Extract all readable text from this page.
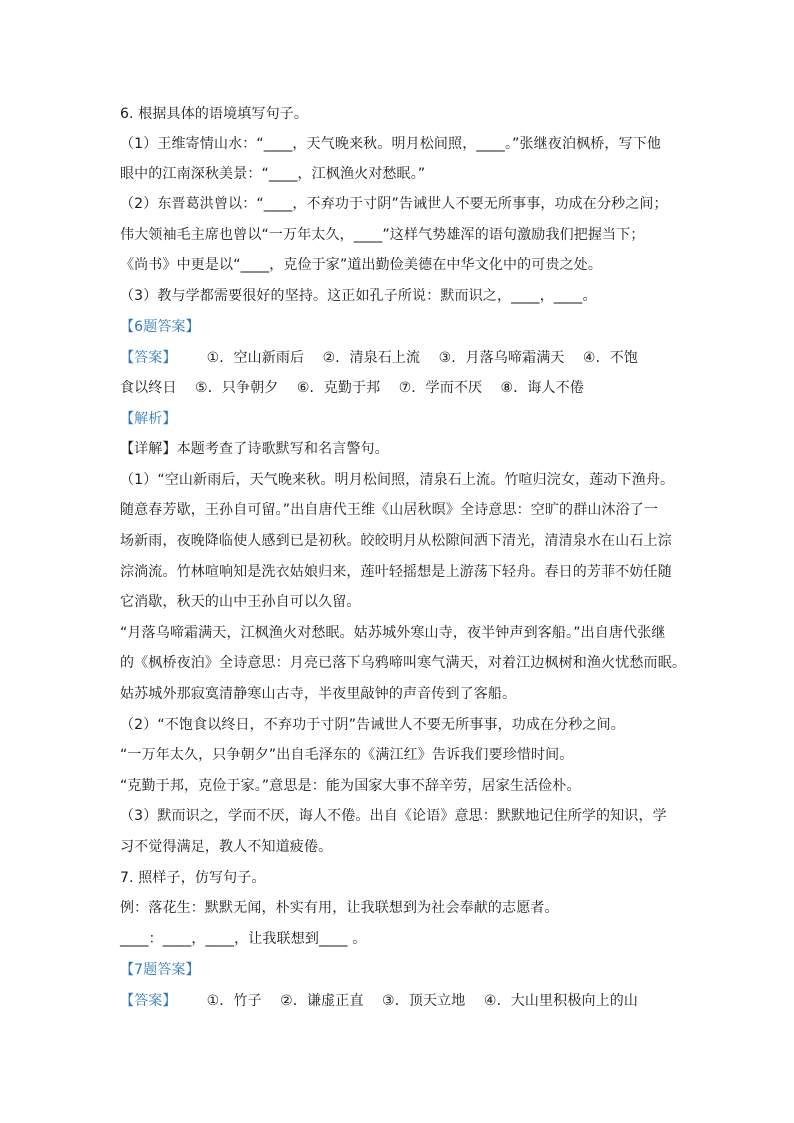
6. 根据具体的语境填写句子。
（1）王维寄情山水：“____，天气晚来秋。明月松间照，____。”张继夜泊枫桥，写下他
眼中的江南深秋美景：“____，江枫渔火对愁眠。”
（2）东晋葛洪曾以：“____，不弃功于寸阴”告诫世人不要无所事事，功成在分秒之间；
伟大领袖毛主席也曾以“一万年太久，____”这样气势雄浑的语句激励我们把握当下；
《尚书》中更是以“____，克俭于家”道出勤俭美德在中华文化中的可贵之处。
（3）教与学都需要很好的坚持。这正如孔子所说：默而识之，____，____。
【6题答案】
【答案】 ①．空山新雨后    ②．清泉石上流    ③．月落乌啼霜满天    ④．不饱
食以终日    ⑤．只争朝夕    ⑥．克勤于邦    ⑦．学而不厌    ⑧．诲人不倦
【解析】
【详解】本题考查了诗歌默写和名言警句。
（1）“空山新雨后，天气晚来秋。明月松间照，清泉石上流。竹喧归浣女，莲动下渔舟。
随意春芳歇，王孙自可留。”出自唐代王维《山居秋暝》全诗意思：空旷的群山沐浴了一
场新雨，夜晚降临使人感到已是初秋。皎皎明月从松隙间洒下清光，清清泉水在山石上淙
淙淌流。竹林喧响知是洗衣姑娘归来，莲叶轻摇想是上游荡下轻舟。春日的芳菲不妨任随
它消歇，秋天的山中王孙自可以久留。
“月落乌啼霜满天，江枫渔火对愁眠。姑苏城外寒山寺，夜半钟声到客船。”出自唐代张继
的《枫桥夜泊》全诗意思：月亮已落下乌鸦啼叫寒气满天，对着江边枫树和渔火忧愁而眠。
姑苏城外那寂寞清静寒山古寺，半夜里敲钟的声音传到了客船。
（2）“不饱食以终日，不弃功于寸阴”告诫世人不要无所事事，功成在分秒之间。
“一万年太久，只争朝夕”出自毛泽东的《满江红》告诉我们要珍惜时间。
“克勤于邦，克俭于家。”意思是：能为国家大事不辞辛劳，居家生活俭朴。
（3）默而识之，学而不厌，诲人不倦。出自《论语》意思：默默地记住所学的知识，学
习不觉得满足，教人不知道疲倦。
7. 照样子，仿写句子。
例：落花生：默默无闻，朴实有用，让我联想到为社会奉献的志愿者。
____：____，____，让我联想到____ 。
【7题答案】
【答案】 ①．竹子    ②．谦虚正直    ③．顶天立地    ④．大山里积极向上的山
